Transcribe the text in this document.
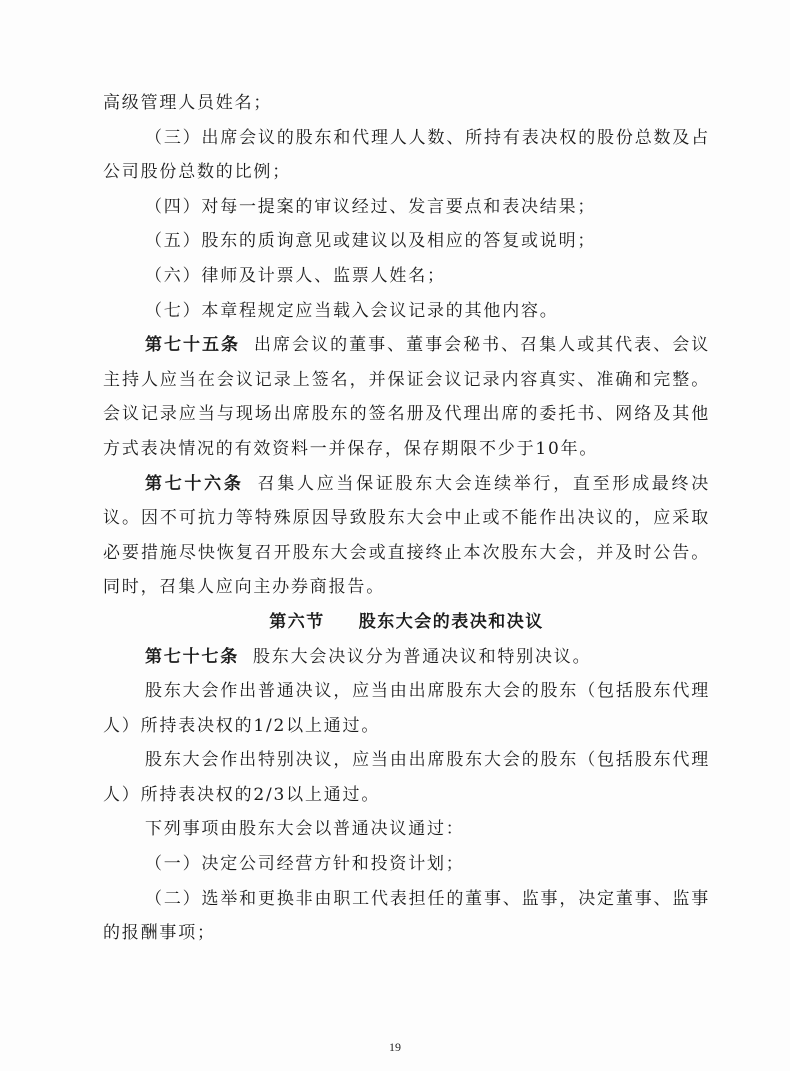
高级管理人员姓名；

（三）出席会议的股东和代理人人数、所持有表决权的股份总数及占公司股份总数的比例；

（四）对每一提案的审议经过、发言要点和表决结果；

（五）股东的质询意见或建议以及相应的答复或说明；

（六）律师及计票人、监票人姓名；

（七）本章程规定应当载入会议记录的其他内容。

第七十五条 出席会议的董事、董事会秘书、召集人或其代表、会议主持人应当在会议记录上签名，并保证会议记录内容真实、准确和完整。会议记录应当与现场出席股东的签名册及代理出席的委托书、网络及其他方式表决情况的有效资料一并保存，保存期限不少于10年。

第七十六条 召集人应当保证股东大会连续举行，直至形成最终决议。因不可抗力等特殊原因导致股东大会中止或不能作出决议的，应采取必要措施尽快恢复召开股东大会或直接终止本次股东大会，并及时公告。同时，召集人应向主办券商报告。

第六节 股东大会的表决和决议

第七十七条 股东大会决议分为普通决议和特别决议。

股东大会作出普通决议，应当由出席股东大会的股东（包括股东代理人）所持表决权的1/2以上通过。

股东大会作出特别决议，应当由出席股东大会的股东（包括股东代理人）所持表决权的2/3以上通过。

下列事项由股东大会以普通决议通过：

（一）决定公司经营方针和投资计划；

（二）选举和更换非由职工代表担任的董事、监事，决定董事、监事的报酬事项；

19
